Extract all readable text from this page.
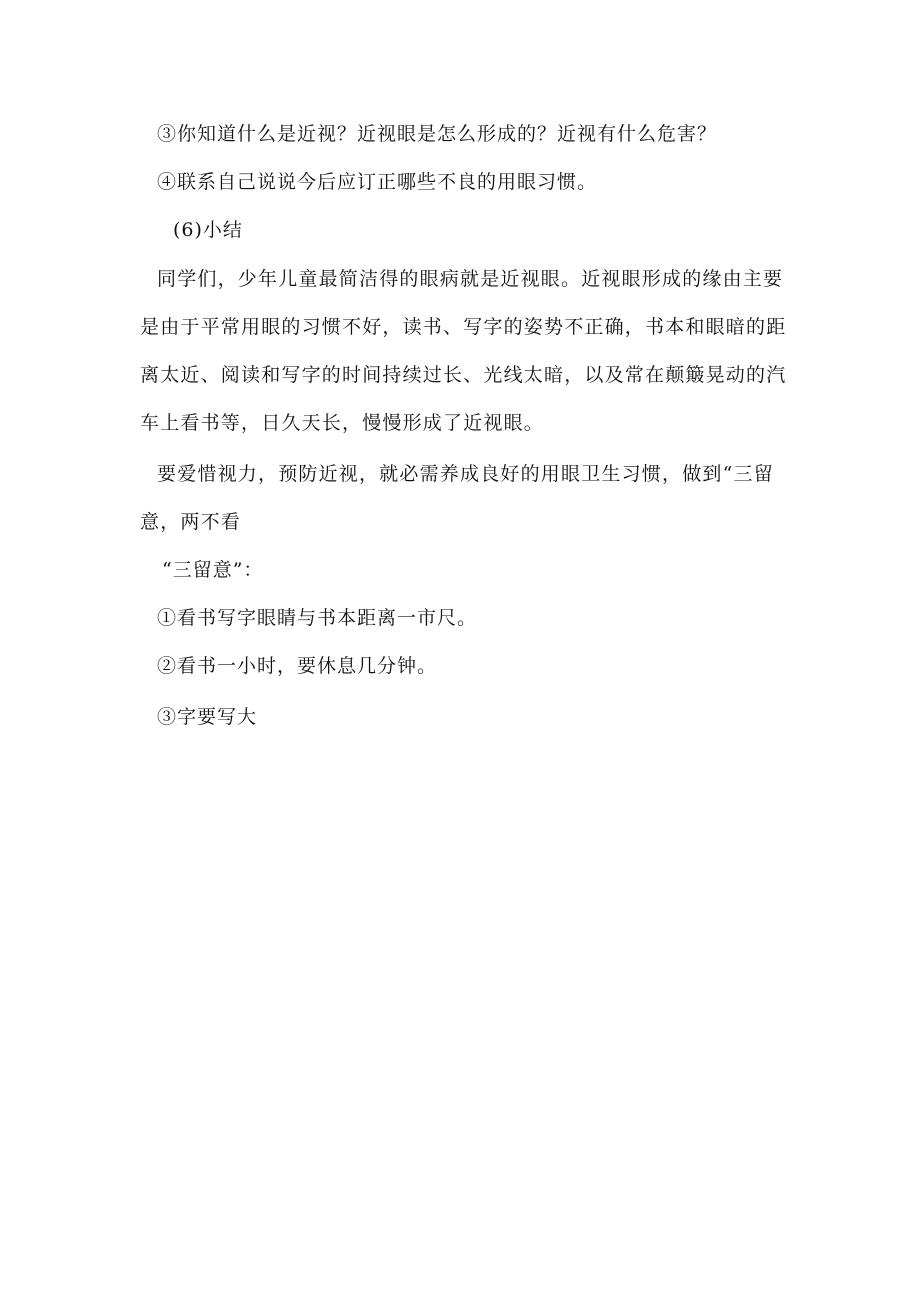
③你知道什么是近视？近视眼是怎么形成的？近视有什么危害？
④联系自己说说今后应订正哪些不良的用眼习惯。
(6)小结
同学们，少年儿童最简洁得的眼病就是近视眼。近视眼形成的缘由主要
是由于平常用眼的习惯不好，读书、写字的姿势不正确，书本和眼暗的距
离太近、阅读和写字的时间持续过长、光线太暗，以及常在颠簸晃动的汽
车上看书等，日久天长，慢慢形成了近视眼。
要爱惜视力，预防近视，就必需养成良好的用眼卫生习惯，做到“三留
意，两不看
“三留意”：
①看书写字眼睛与书本距离一市尺。
②看书一小时，要休息几分钟。
③字要写大
